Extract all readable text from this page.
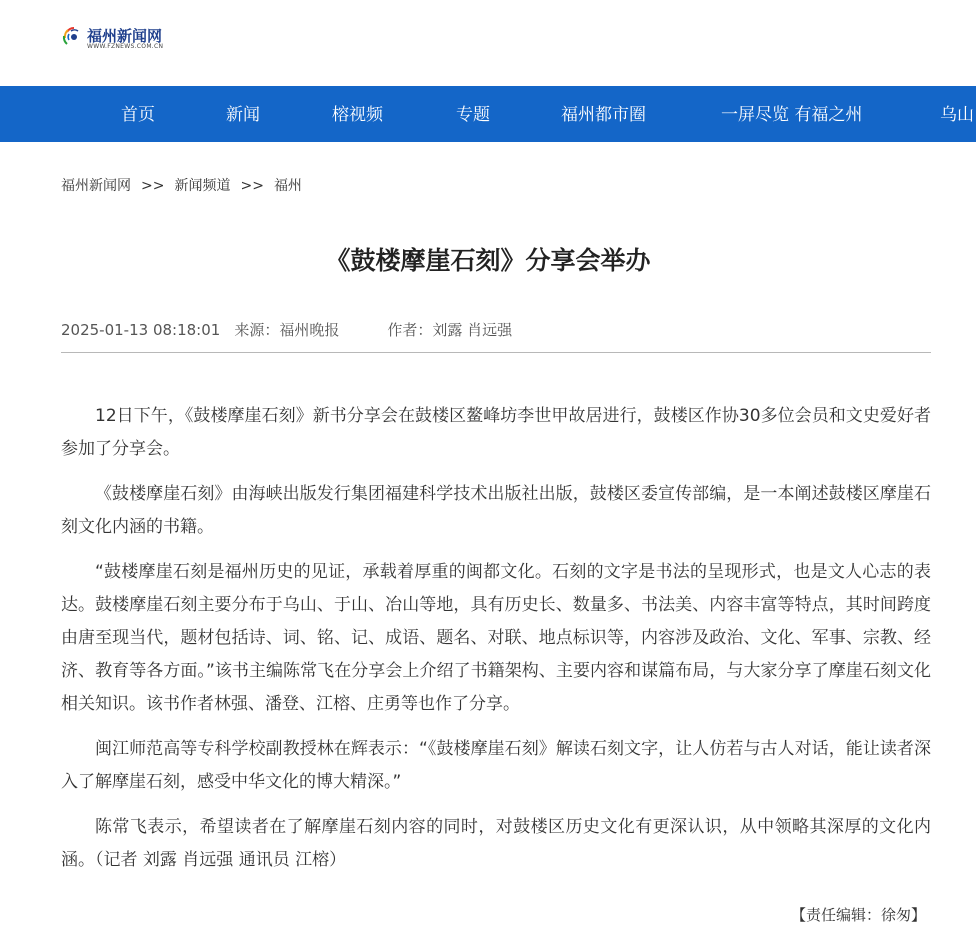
福州新闻网
WWW.FZNEWS.COM.CN
首页	新闻	榕视频	专题	福州都市圈	一屏尽览 有福之州	乌山
福州新闻网 >> 新闻频道 >> 福州
《鼓楼摩崖石刻》分享会举办
2025-01-13 08:18:01 来源：福州晚报	作者：刘露 肖远强

12日下午，《鼓楼摩崖石刻》新书分享会在鼓楼区鳌峰坊李世甲故居进行，鼓楼区作协30多位会员和文史爱好者参加了分享会。

《鼓楼摩崖石刻》由海峡出版发行集团福建科学技术出版社出版，鼓楼区委宣传部编，是一本阐述鼓楼区摩崖石刻文化内涵的书籍。

“鼓楼摩崖石刻是福州历史的见证，承载着厚重的闽都文化。石刻的文字是书法的呈现形式，也是文人心志的表达。鼓楼摩崖石刻主要分布于乌山、于山、冶山等地，具有历史长、数量多、书法美、内容丰富等特点，其时间跨度由唐至现当代，题材包括诗、词、铭、记、成语、题名、对联、地点标识等，内容涉及政治、文化、军事、宗教、经济、教育等各方面。”该书主编陈常飞在分享会上介绍了书籍架构、主要内容和谋篇布局，与大家分享了摩崖石刻文化相关知识。该书作者林强、潘登、江榕、庄勇等也作了分享。

闽江师范高等专科学校副教授林在辉表示：“《鼓楼摩崖石刻》解读石刻文字，让人仿若与古人对话，能让读者深入了解摩崖石刻，感受中华文化的博大精深。”

陈常飞表示，希望读者在了解摩崖石刻内容的同时，对鼓楼区历史文化有更深认识，从中领略其深厚的文化内涵。（记者 刘露 肖远强 通讯员 江榕）

【责任编辑：徐匆】
